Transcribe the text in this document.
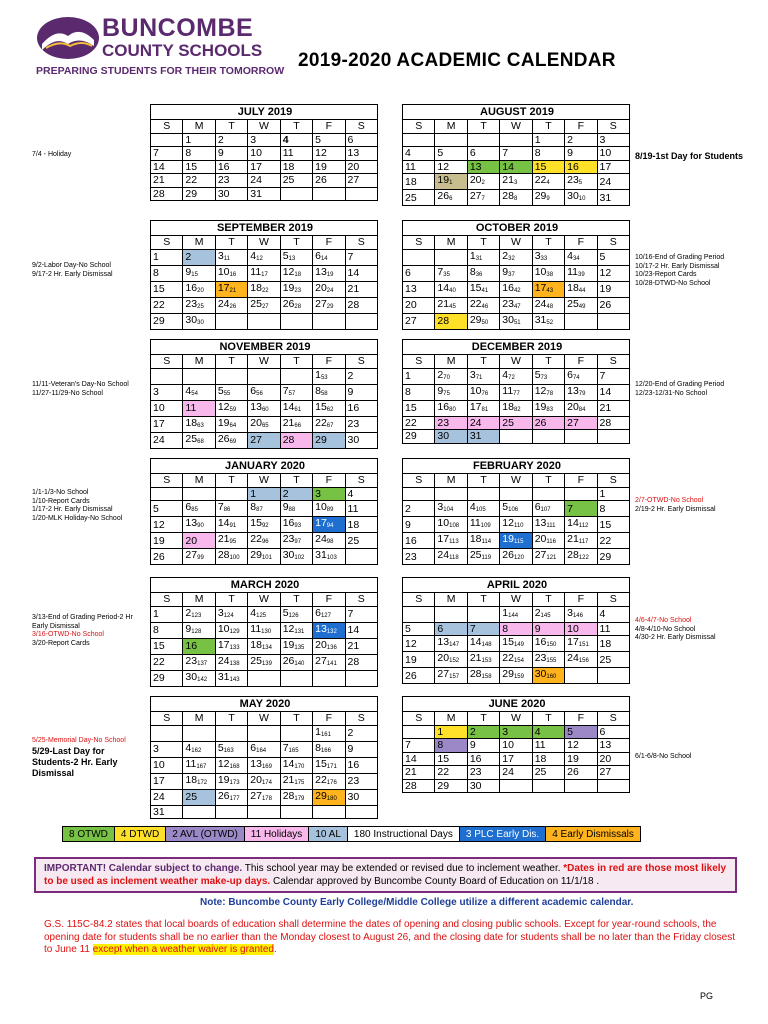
BUNCOMBE
COUNTY SCHOOLS
PREPARING STUDENTS FOR THEIR TOMORROW 2019-2020 ACADEMIC CALENDAR
JULY 2019						
S	M	T	W	T	F	S
	1	2	3	4	5	6
7	8	9	10	11	12	13
14	15	16	17	18	19	20
21	22	23	24	25	26	27
28	29	30	31			
AUGUST 2019						
S	M	T	W	T	F	S
				1	2	3
4	5	6	7	8	9	10
11	12	13	14	15	16	17
18	$19_1$	$20_2$	$21_3$	$22_4$	$23_5$	24
25	$26_6$	$27_7$	$28_8$	$29_9$	$30_{10}$	31
SEPTEMBER 2019						
S	M	T	W	T	F	S
1	2	$3_{11}$	$4_{12}$	$5_{13}$	$6_{14}$	7
8	$9_{15}$	$10_{16}$	$11_{17}$	$12_{18}$	$13_{19}$	14
15	$16_{20}$	$17_{21}$	$18_{22}$	$19_{23}$	$20_{24}$	21
22	$23_{25}$	$24_{26}$	$25_{27}$	$26_{28}$	$27_{29}$	28
29	$30_{30}$					
OCTOBER 2019						
S	M	T	W	T	F	S
		$1_{31}$	$2_{32}$	$3_{33}$	$4_{34}$	5
6	$7_{35}$	$8_{36}$	$9_{37}$	$10_{38}$	$11_{39}$	12
13	$14_{40}$	$15_{41}$	$16_{42}$	$17_{43}$	$18_{44}$	19
20	$21_{45}$	$22_{46}$	$23_{47}$	$24_{48}$	$25_{49}$	26
27	28	$29_{50}$	$30_{51}$	$31_{52}$		
NOVEMBER 2019						
S	M	T	W	T	F	S
					$1_{53}$	2
3	$4_{54}$	$5_{55}$	$6_{56}$	$7_{57}$	$8_{58}$	9
10	11	$12_{59}$	$13_{60}$	$14_{61}$	$15_{62}$	16
17	$18_{63}$	$19_{64}$	$20_{65}$	$21_{66}$	$22_{67}$	23
24	$25_{68}$	$26_{69}$	27	28	29	30
DECEMBER 2019						
S	M	T	W	T	F	S
1	$2_{70}$	$3_{71}$	$4_{72}$	$5_{73}$	$6_{74}$	7
8	$9_{75}$	$10_{76}$	$11_{77}$	$12_{78}$	$13_{79}$	14
15	$16_{80}$	$17_{81}$	$18_{82}$	$19_{83}$	$20_{84}$	21
22	23	24	25	26	27	28
29	30	31				
JANUARY 2020						
S	M	T	W	T	F	S
			1	2	3	4
5	$6_{85}$	$7_{86}$	$8_{87}$	$9_{88}$	$10_{89}$	11
12	$13_{90}$	$14_{91}$	$15_{92}$	$16_{93}$	$17_{94}$	18
19	20	$21_{95}$	$22_{96}$	$23_{97}$	$24_{98}$	25
26	$27_{99}$	$28_{100}$	$29_{101}$	$30_{102}$	$31_{103}$	
FEBRUARY 2020						
S	M	T	W	T	F	S
						1
2	$3_{104}$	$4_{105}$	$5_{106}$	$6_{107}$	7	8
9	$10_{108}$	$11_{109}$	$12_{110}$	$13_{111}$	$14_{112}$	15
16	$17_{113}$	$18_{114}$	$19_{115}$	$20_{116}$	$21_{117}$	22
23	$24_{118}$	$25_{119}$	$26_{120}$	$27_{121}$	$28_{122}$	29
MARCH 2020						
S	M	T	W	T	F	S
1	$2_{123}$	$3_{124}$	$4_{125}$	$5_{126}$	$6_{127}$	7
8	$9_{128}$	$10_{129}$	$11_{130}$	$12_{131}$	$13_{132}$	14
15	16	$17_{133}$	$18_{134}$	$19_{135}$	$20_{136}$	21
22	$23_{137}$	$24_{138}$	$25_{139}$	$26_{140}$	$27_{141}$	28
29	$30_{142}$	$31_{143}$				
APRIL 2020						
S	M	T	W	T	F	S
			$1_{144}$	$2_{145}$	$3_{146}$	4
5	6	7	8	9	10	11
12	$13_{147}$	$14_{148}$	$15_{149}$	$16_{150}$	$17_{151}$	18
19	$20_{152}$	$21_{153}$	$22_{154}$	$23_{155}$	$24_{156}$	25
26	$27_{157}$	$28_{158}$	$29_{159}$	$30_{160}$		
MAY 2020						
S	M	T	W	T	F	S
					$1_{161}$	2
3	$4_{162}$	$5_{163}$	$6_{164}$	$7_{165}$	$8_{166}$	9
10	$11_{167}$	$12_{168}$	$13_{169}$	$14_{170}$	$15_{171}$	16
17	$18_{172}$	$19_{173}$	$20_{174}$	$21_{175}$	$22_{176}$	23
24	25	$26_{177}$	$27_{178}$	$28_{179}$	$29_{180}$	30
31						
JUNE 2020						
S	M	T	W	T	F	S
	1	2	3	4	5	6
7	8	9	10	11	12	13
14	15	16	17	18	19	20
21	22	23	24	25	26	27
28	29	30				
7/4 - Holiday	8/19-1st Day for Students
9/2-Labor Day-No School
9/17-2 Hr. Early Dismissal
10/16-End of Grading Period
10/17-2 Hr. Early Dismissal
10/23-Report Cards
10/28-DTWD-No School
11/11-Veteran's Day-No School
11/27-11/29-No School
12/20-End of Grading Period
12/23-12/31-No School
1/1-1/3-No School
1/10-Report Cards
1/17-2 Hr. Early Dismissal
1/20-MLK Holiday-No School
2/7-OTWD-No School
2/19-2 Hr. Early Dismissal
3/13-End of Grading Period-2 Hr
Early Dismissal
3/16-OTWD-No School
3/20-Report Cards
4/6-4/7-No School
4/8-4/10-No School
4/30-2 Hr. Early Dismissal
5/25-Memorial Day-No School
5/29-Last Day for
Students-2 Hr. Early
Dismissal
6/1-6/8-No School
8 OTWD	4 DTWD	2 AVL (OTWD)	11 Holidays	10 AL	180 Instructional Days	3 PLC Early Dis.	4 Early Dismissals
IMPORTANT! Calendar subject to change. This school year may be extended or revised due to inclement weather. *Dates in red are those most likely to be used as inclement weather make-up days. Calendar approved by Buncombe County Board of Education on 11/1/18 .
Note: Buncombe County Early College/Middle College utilize a different academic calendar.
G.S. 115C-84.2 states that local boards of education shall determine the dates of opening and closing public schools. Except for year-round schools, the opening date for students shall be no earlier than the Monday closest to August 26, and the closing date for students shall be no later than the Friday closest to June 11 except when a weather waiver is granted.
PG
